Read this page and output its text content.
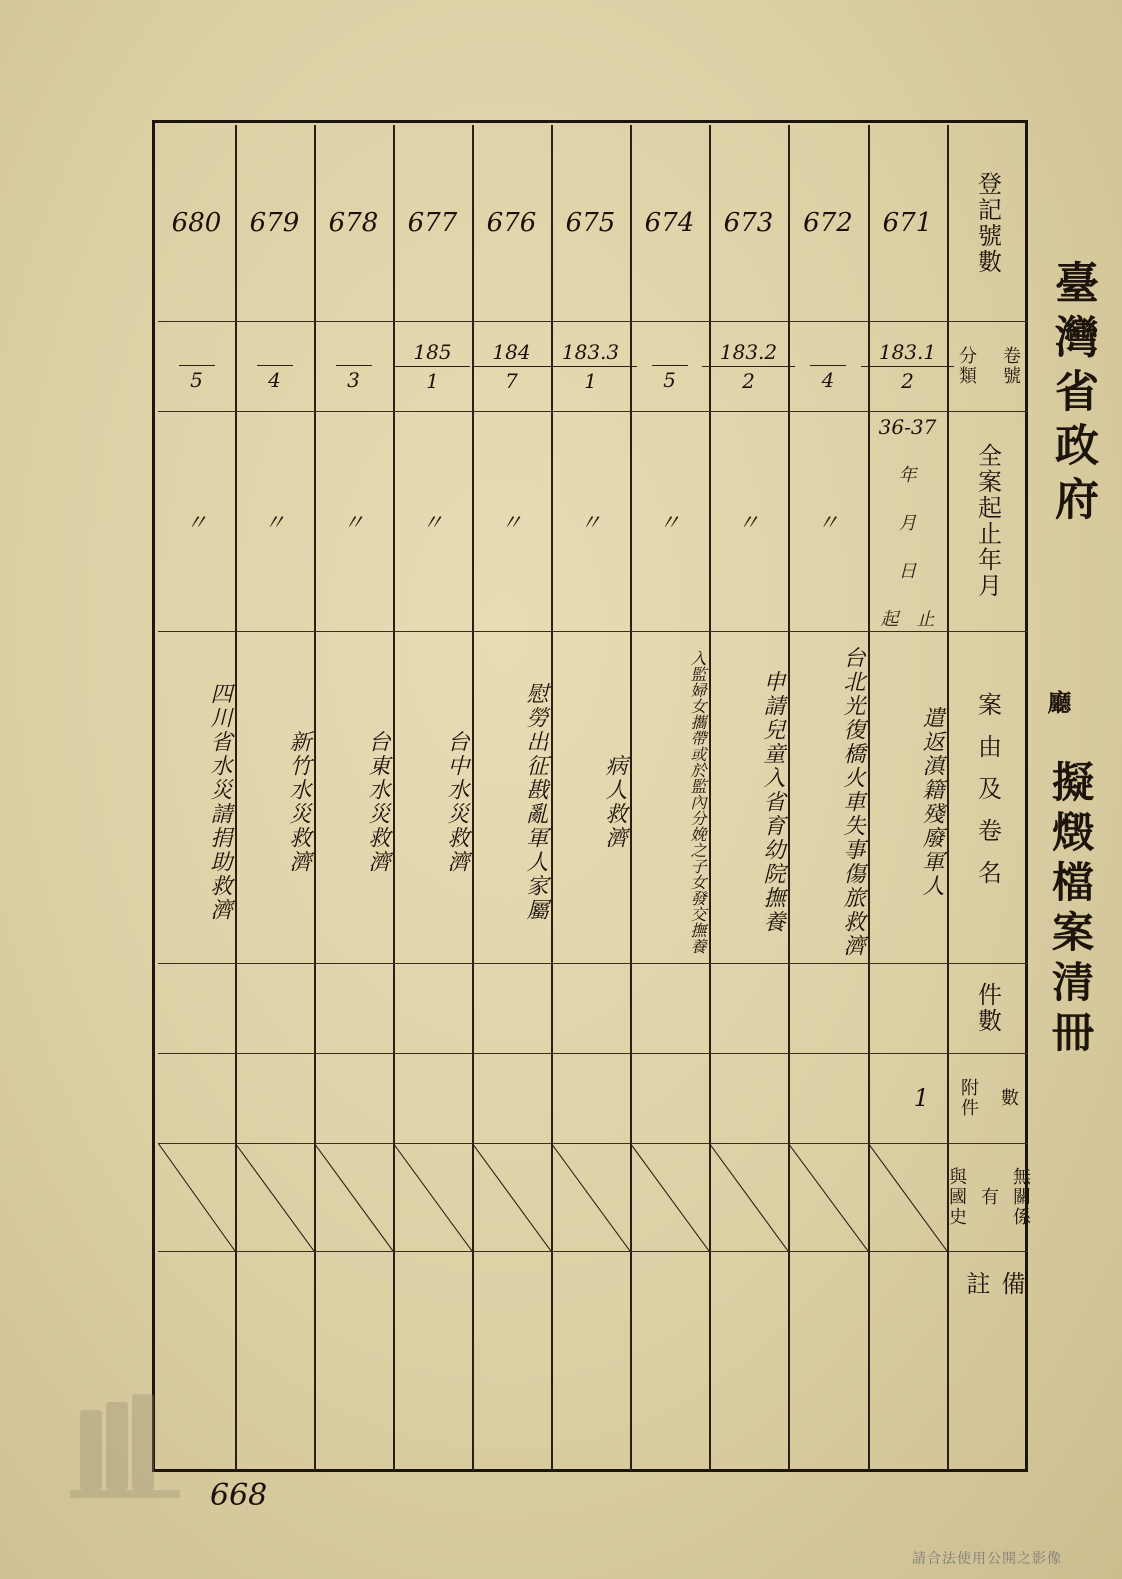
臺灣省政府
廳
擬燬檔案清冊
登記號數
分類 卷號
全案起止年月
案由及卷名
件數
附件 數
與國史 有 無關係
備註
671
$\frac{183.1}{2}$
36-37
年
月
日
起　止
遣返滇籍殘廢軍人
1
672
4
〃
台北光復橋火車失事傷旅救濟
673
$\frac{183.2}{2}$
〃
申請兒童入省育幼院撫養
674
5
〃
入監婦女攜帶或於監內分娩之子女發交撫養
675
$\frac{183.3}{1}$
〃
病人救濟
676
$\frac{184}{7}$
〃
慰勞出征戡亂軍人家屬
677
$\frac{185}{1}$
〃
台中水災救濟
678
3
〃
台東水災救濟
679
4
〃
新竹水災救濟
680
5
〃
四川省水災請捐助救濟
668
請合法使用公開之影像
